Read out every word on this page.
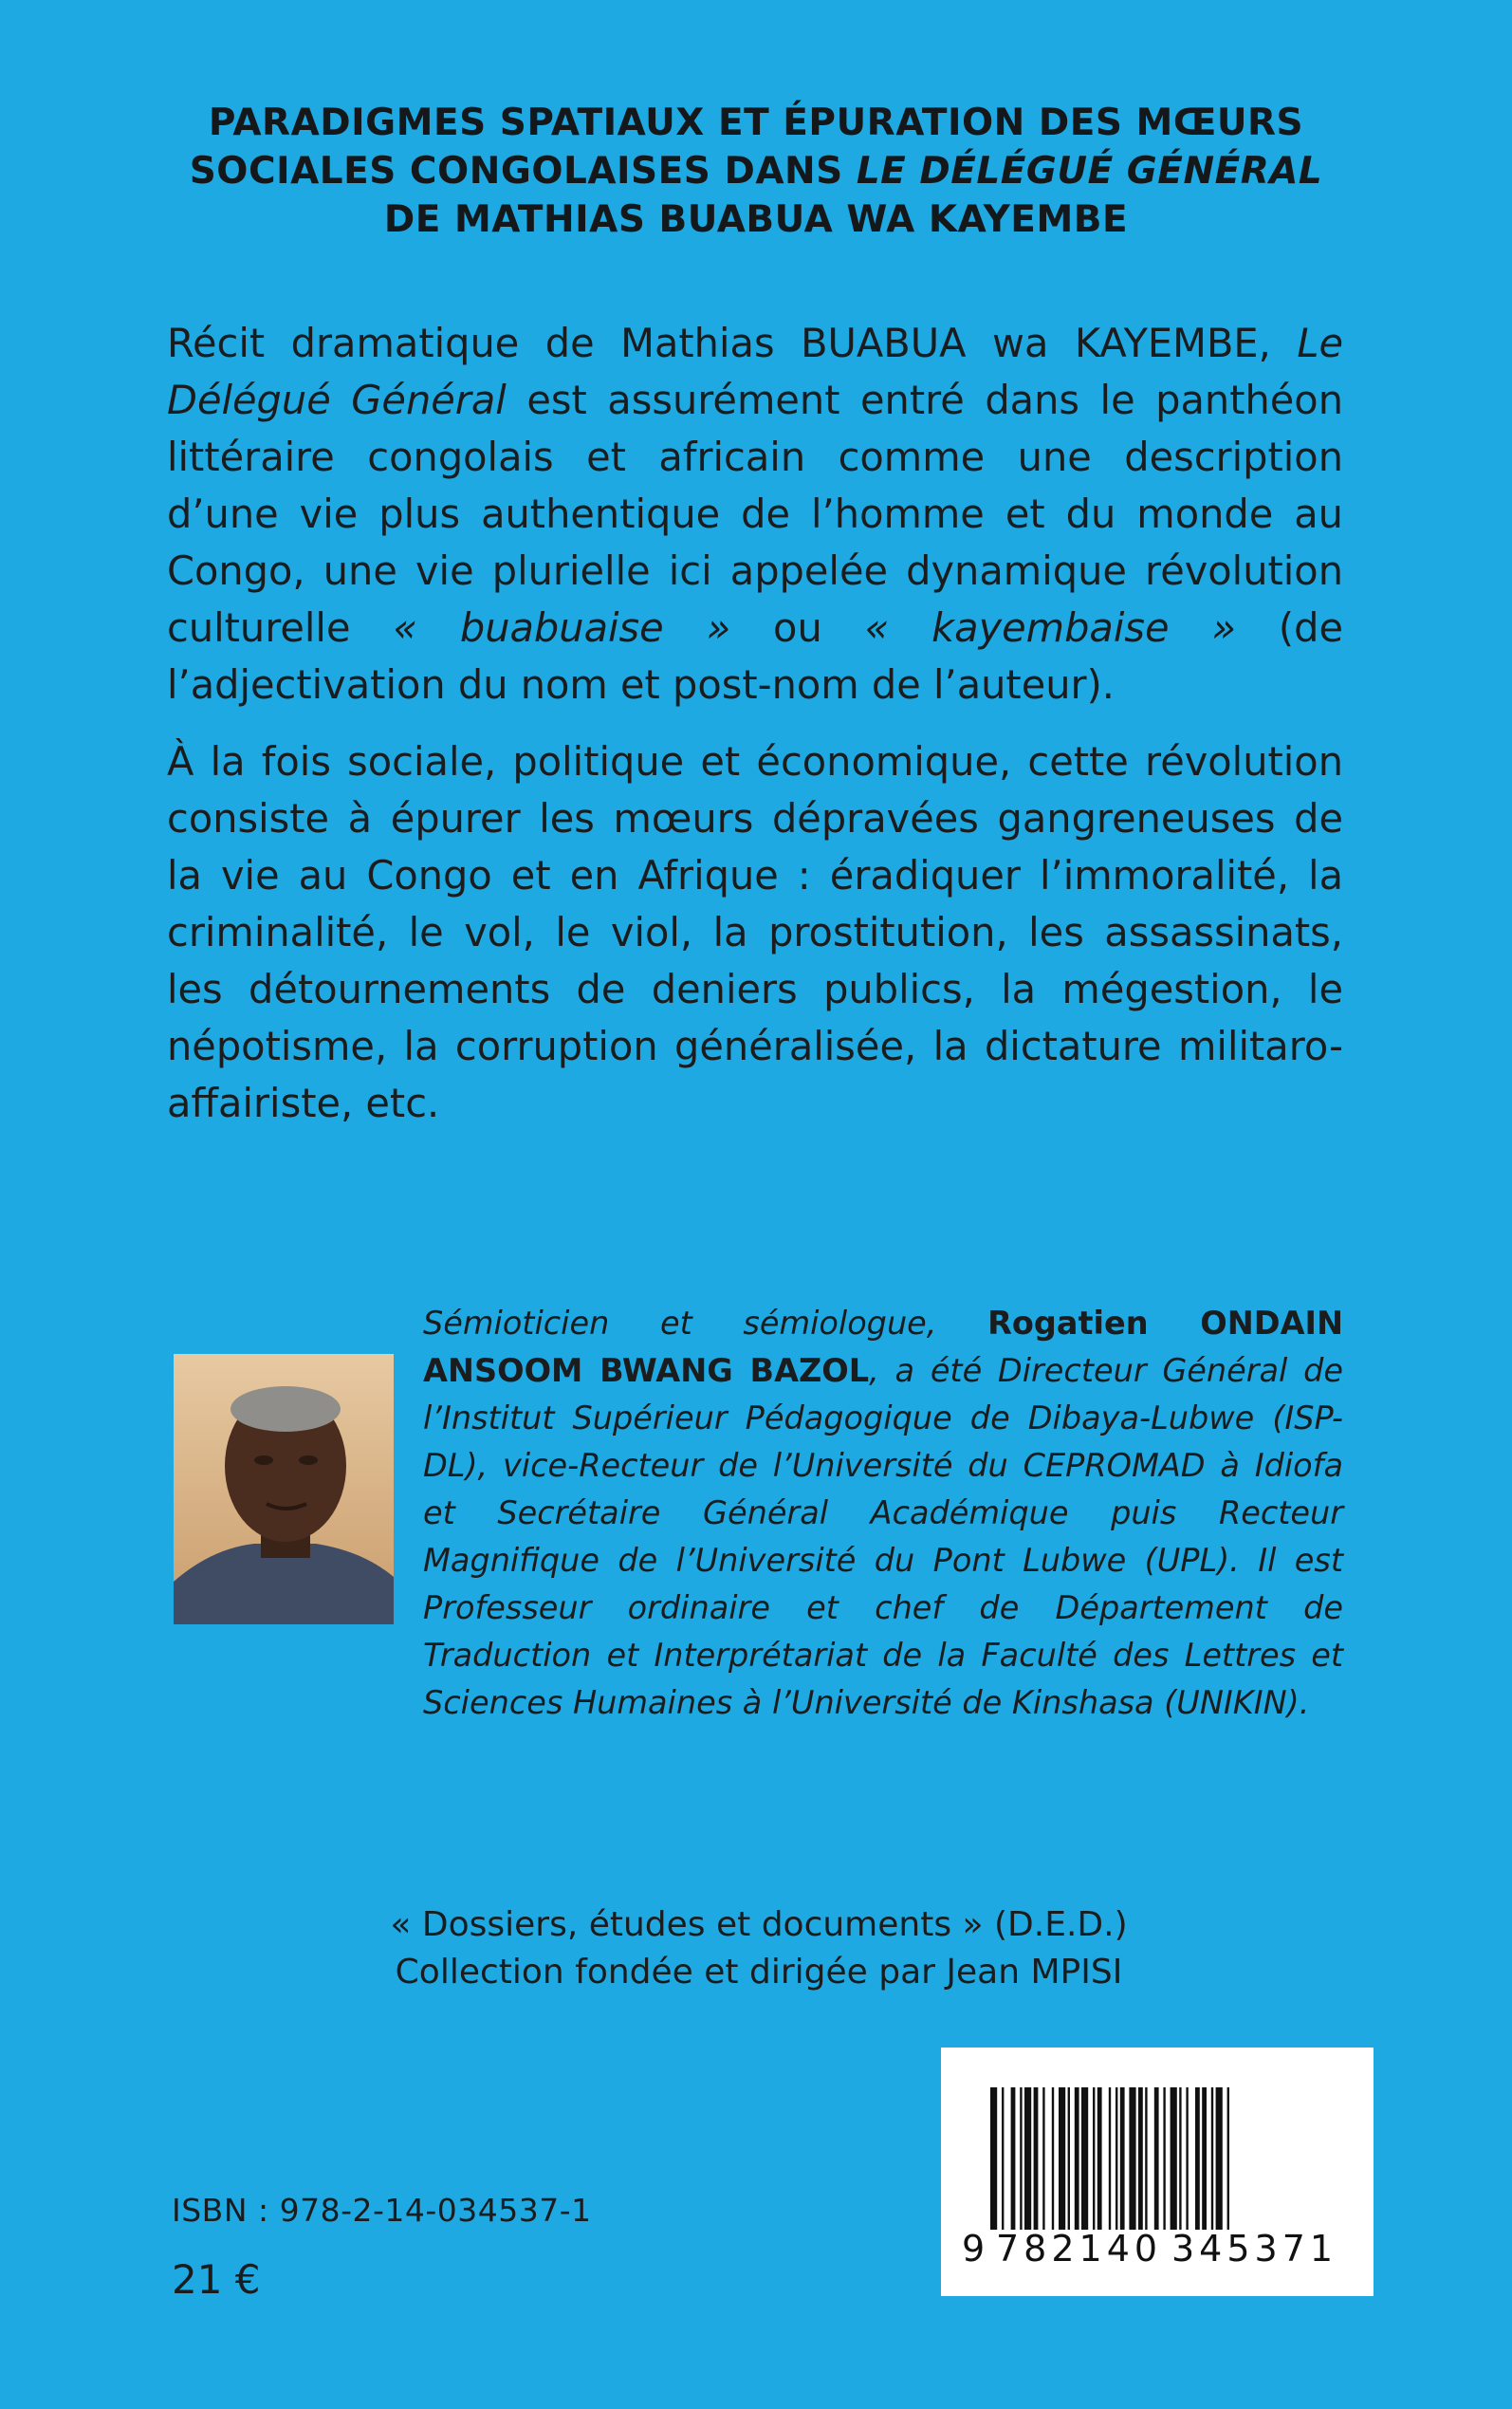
PARADIGMES SPATIAUX ET ÉPURATION DES MŒURS
SOCIALES CONGOLAISES DANS LE DÉLÉGUÉ GÉNÉRAL
DE MATHIAS BUABUA WA KAYEMBE
Récit dramatique de Mathias BUABUA wa KAYEMBE, Le Délégué Général est assurément entré dans le panthéon littéraire congolais et africain comme une description d’une vie plus authentique de l’homme et du monde au Congo, une vie plurielle ici appelée dynamique révolution culturelle « buabuaise » ou « kayembaise » (de l’adjectivation du nom et post-nom de l’auteur).
À la fois sociale, politique et économique, cette révolution consiste à épurer les mœurs dépravées gangreneuses de la vie au Congo et en Afrique : éradiquer l’immoralité, la criminalité, le vol, le viol, la prostitution, les assassinats, les détournements de deniers publics, la mégestion, le népotisme, la corruption généralisée, la dictature militaro-affairiste, etc.
Sémioticien et sémiologue, Rogatien ONDAIN ANSOOM BWANG BAZOL, a été Directeur Général de l’Institut Supérieur Pédagogique de Dibaya-Lubwe (ISP-DL), vice-Recteur de l’Université du CEPROMAD à Idiofa et Secrétaire Général Académique puis Recteur Magnifique de l’Université du Pont Lubwe (UPL). Il est Professeur ordinaire et chef de Département de Traduction et Interprétariat de la Faculté des Lettres et Sciences Humaines à l’Université de Kinshasa (UNIKIN).
« Dossiers, études et documents » (D.E.D.)
Collection fondée et dirigée par Jean MPISI
ISBN : 978-2-14-034537-1
21 €
9 782140 345371
